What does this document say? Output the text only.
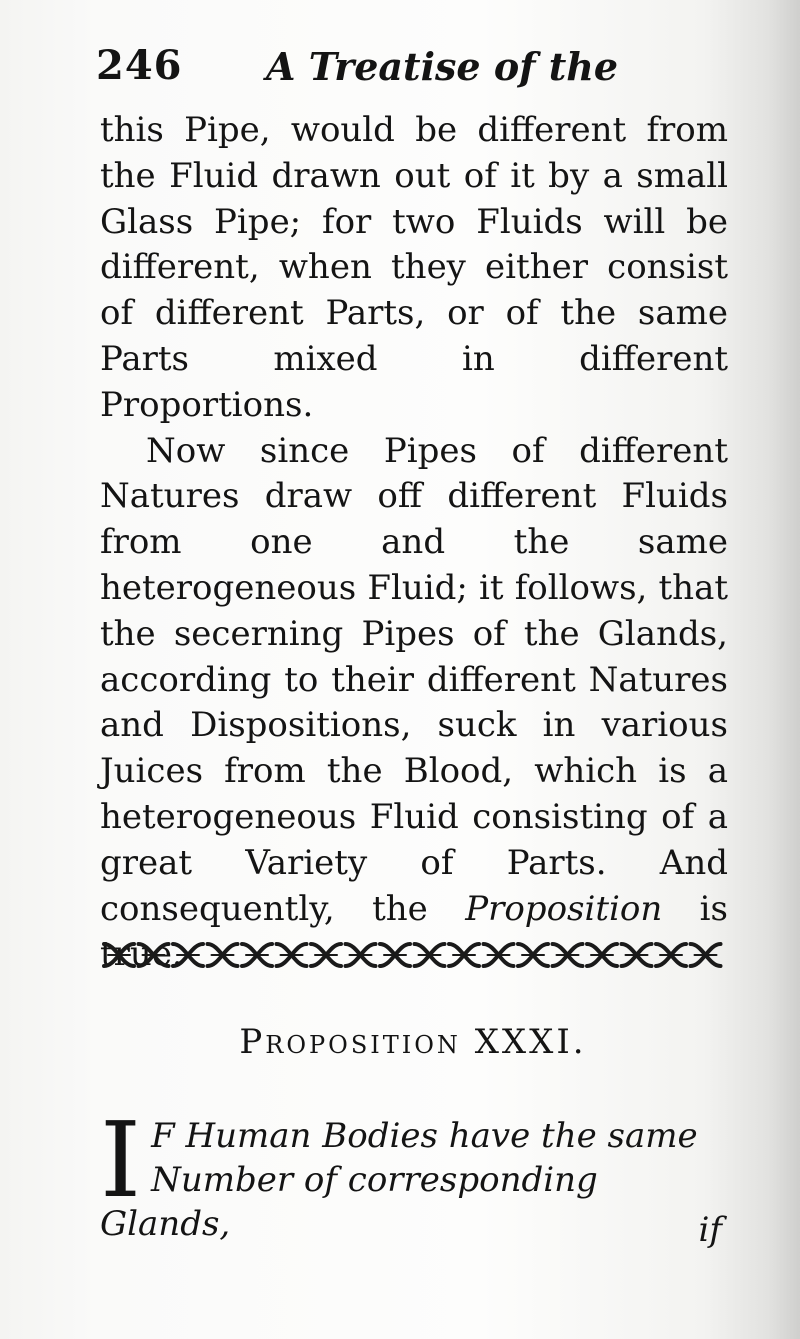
246 A Treatise of the

this Pipe, would be different from the Fluid drawn out of it by a small Glass Pipe; for two Fluids will be different, when they either consist of different Parts, or of the same Parts mixed in different Proportions.

Now since Pipes of different Natures draw off different Fluids from one and the same heterogeneous Fluid; it follows, that the secerning Pipes of the Glands, according to their different Natures and Dispositions, suck in various Juices from the Blood, which is a heterogeneous Fluid consisting of a great Variety of Parts. And consequently, the Proposition is true.

Proposition XXXI.
I F Human Bodies have the same
Number of corresponding Glands,	if
